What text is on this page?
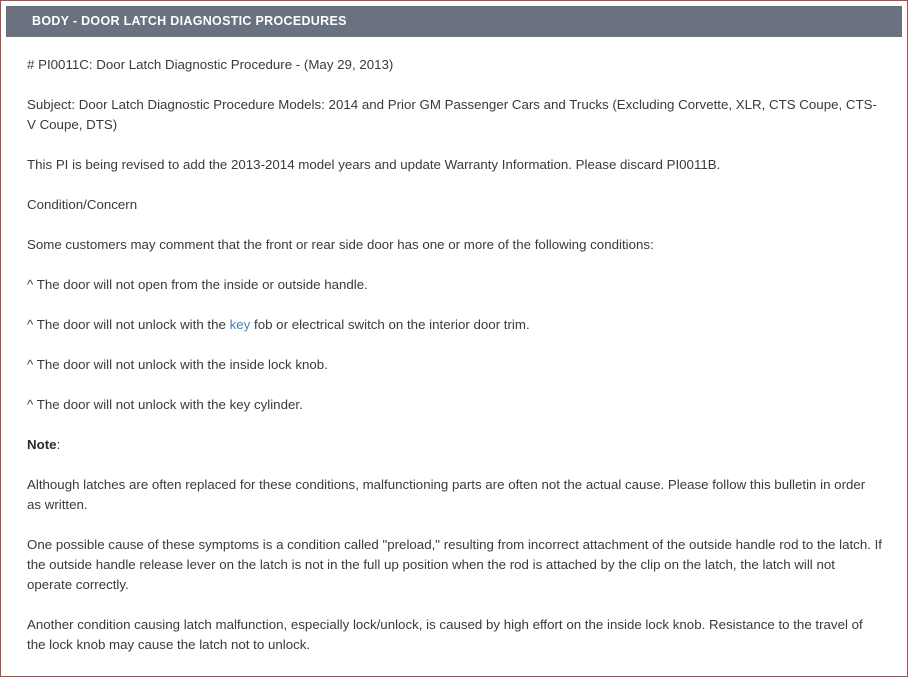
BODY - DOOR LATCH DIAGNOSTIC PROCEDURES

# PI0011C: Door Latch Diagnostic Procedure - (May 29, 2013)

Subject: Door Latch Diagnostic Procedure Models: 2014 and Prior GM Passenger Cars and Trucks (Excluding Corvette, XLR, CTS Coupe, CTS-V Coupe, DTS)

This PI is being revised to add the 2013-2014 model years and update Warranty Information. Please discard PI0011B.

Condition/Concern

Some customers may comment that the front or rear side door has one or more of the following conditions:

^ The door will not open from the inside or outside handle.

^ The door will not unlock with the key fob or electrical switch on the interior door trim.

^ The door will not unlock with the inside lock knob.

^ The door will not unlock with the key cylinder.

Note:

Although latches are often replaced for these conditions, malfunctioning parts are often not the actual cause. Please follow this bulletin in order as written.

One possible cause of these symptoms is a condition called "preload," resulting from incorrect attachment of the outside handle rod to the latch. If the outside handle release lever on the latch is not in the full up position when the rod is attached by the clip on the latch, the latch will not operate correctly.

Another condition causing latch malfunction, especially lock/unlock, is caused by high effort on the inside lock knob. Resistance to the travel of the lock knob may cause the latch not to unlock.
